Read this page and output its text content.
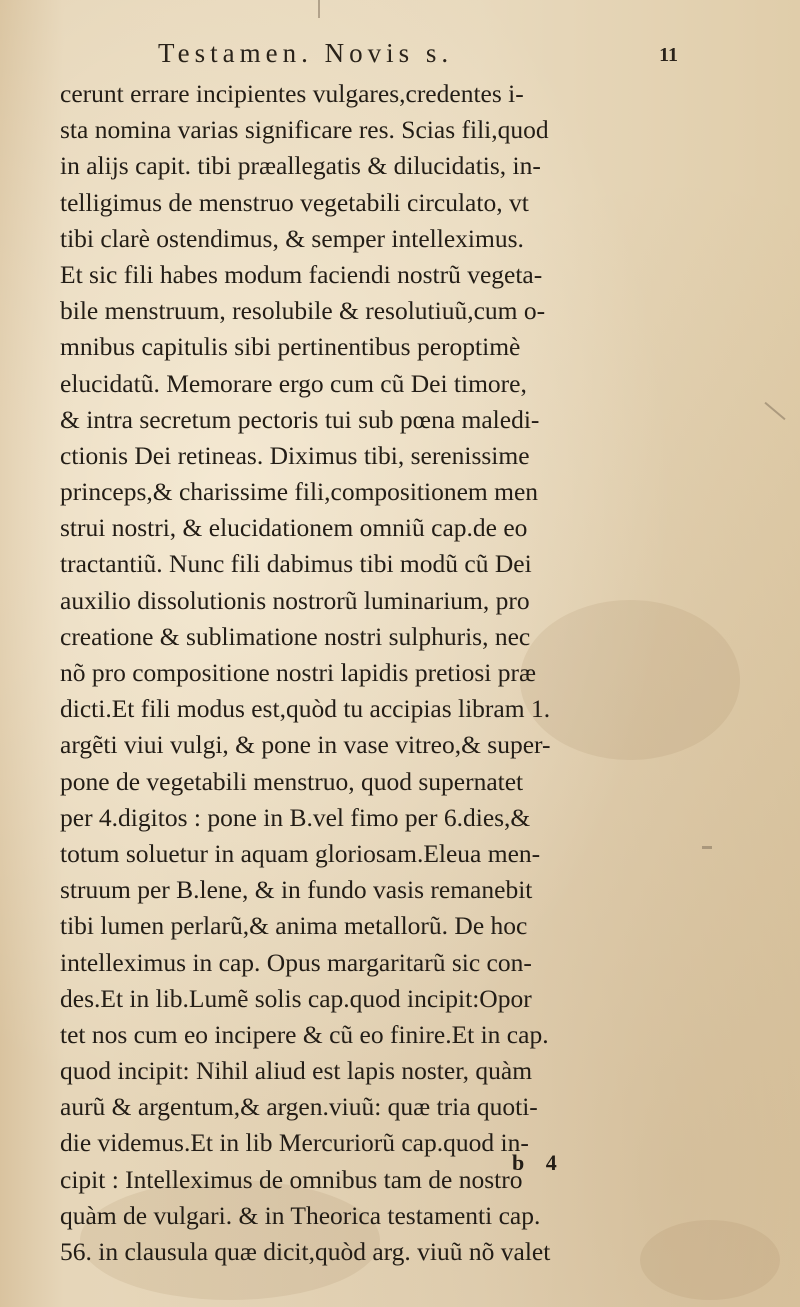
Testamen. Novis s.	11
cerunt errare incipientes vulgares,credentes i-
sta nomina varias significare res. Scias fili,quod
in alijs capit. tibi præallegatis & dilucidatis, in-
telligimus de menstruo vegetabili circulato, vt
tibi clarè ostendimus, & semper intelleximus.
Et sic fili habes modum faciendi nostrũ vegeta-
bile menstruum, resolubile & resolutiuũ,cum o-
mnibus capitulis sibi pertinentibus peroptimè
elucidatũ. Memorare ergo cum cũ Dei timore,
& intra secretum pectoris tui sub pœna maledi-
ctionis Dei retineas. Diximus tibi, serenissime
princeps,& charissime fili,compositionem men
strui nostri, & elucidationem omniũ cap.de eo
tractantiũ. Nunc fili dabimus tibi modũ cũ Dei
auxilio dissolutionis nostrorũ luminarium, pro
creatione & sublimatione nostri sulphuris, nec
nõ pro compositione nostri lapidis pretiosi præ
dicti.Et fili modus est,quòd tu accipias libram 1.
argẽti viui vulgi, & pone in vase vitreo,& super-
pone de vegetabili menstruo, quod supernatet
per 4.digitos : pone in B.vel fimo per 6.dies,&
totum soluetur in aquam gloriosam.Eleua men-
struum per B.lene, & in fundo vasis remanebit
tibi lumen perlarũ,& anima metallorũ. De hoc
intelleximus in cap. Opus margaritarũ sic con-
des.Et in lib.Lumẽ solis cap.quod incipit:Opor
tet nos cum eo incipere & cũ eo finire.Et in cap.
quod incipit: Nihil aliud est lapis noster, quàm
aurũ & argentum,& argen.viuũ: quæ tria quoti-
die videmus.Et in lib Mercuriorũ cap.quod in-
cipit : Intelleximus de omnibus tam de nostro
quàm de vulgari. & in Theorica testamenti cap.
56. in clausula quæ dicit,quòd arg. viuũ nõ valet
b 4
